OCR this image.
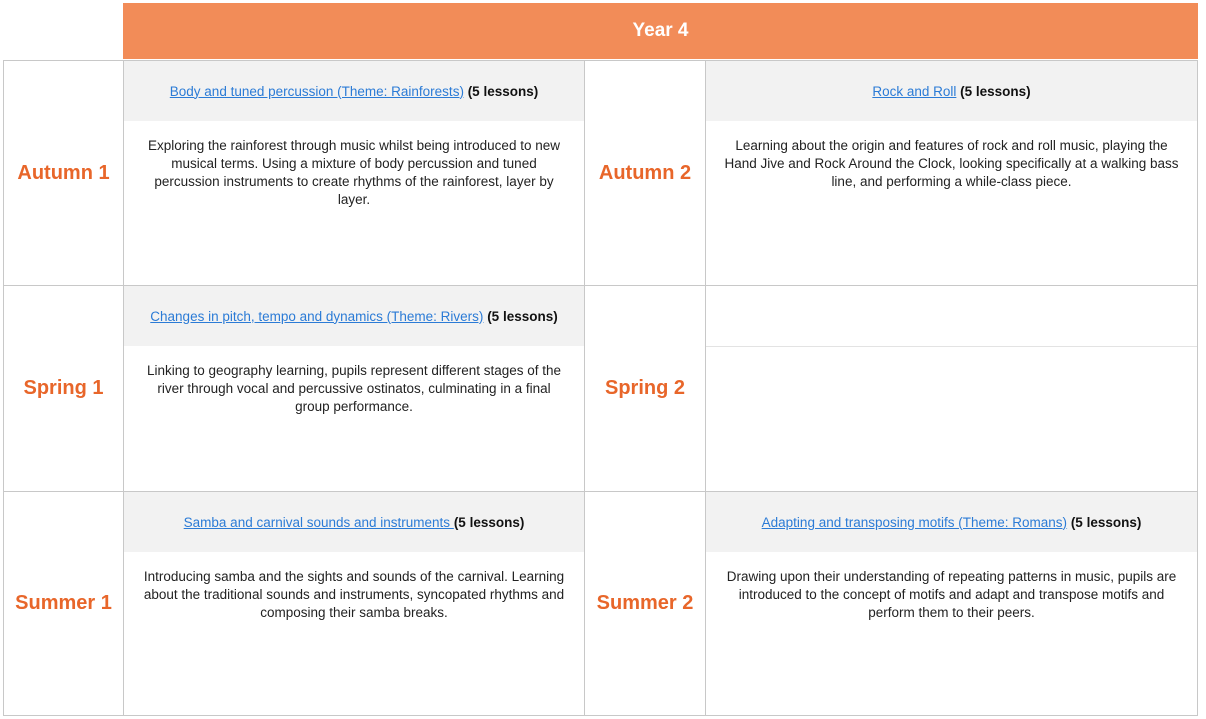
Year 4
Autumn 1
Body and tuned percussion (Theme: Rainforests) (5 lessons)
Exploring the rainforest through music whilst being introduced to new musical terms. Using a mixture of body percussion and tuned percussion instruments to create rhythms of the rainforest, layer by layer.
Autumn 2
Rock and Roll (5 lessons)
Learning about the origin and features of rock and roll music, playing the Hand Jive and Rock Around the Clock, looking specifically at a walking bass line, and performing a while-class piece.
Spring 1
Changes in pitch, tempo and dynamics (Theme: Rivers) (5 lessons)
Linking to geography learning, pupils represent different stages of the river through vocal and percussive ostinatos, culminating in a final group performance.
Spring 2
Summer 1
Samba and carnival sounds and instruments (5 lessons)
Introducing samba and the sights and sounds of the carnival. Learning about the traditional sounds and instruments, syncopated rhythms and composing their samba breaks.	Summer 2
Adapting and transposing motifs (Theme: Romans) (5 lessons)
Drawing upon their understanding of repeating patterns in music, pupils are introduced to the concept of motifs and adapt and transpose motifs and perform them to their peers.
